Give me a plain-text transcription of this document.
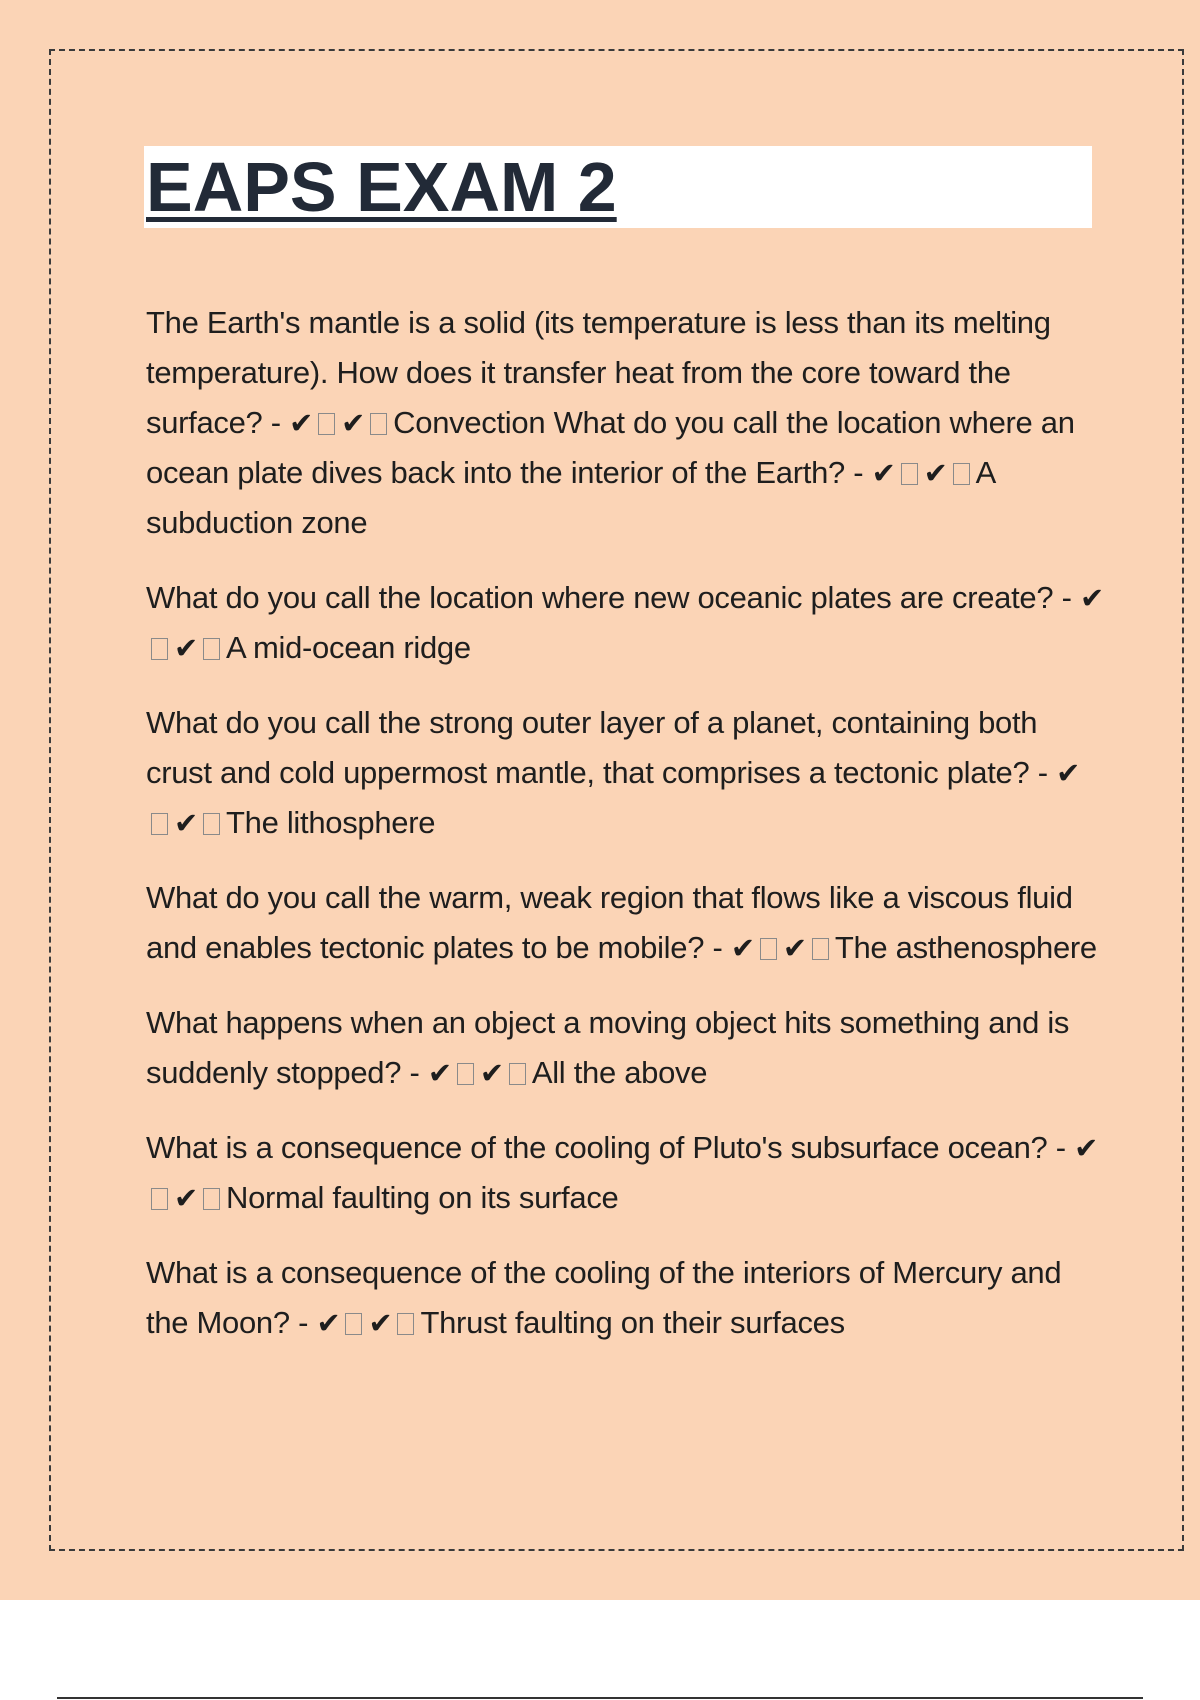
EAPS EXAM 2

The Earth's mantle is a solid (its temperature is less than its melting temperature). How does it transfer heat from the core toward the surface? - ✔ ✔ Convection What do you call the location where an ocean plate dives back into the interior of the Earth? - ✔ ✔ A subduction zone

What do you call the location where new oceanic plates are create? - ✔✔ A mid-ocean ridge

What do you call the strong outer layer of a planet, containing both crust and cold uppermost mantle, that comprises a tectonic plate? - ✔✔ The lithosphere

What do you call the warm, weak region that flows like a viscous fluid and enables tectonic plates to be mobile? - ✔ ✔ The asthenosphere

What happens when an object a moving object hits something and is suddenly stopped? - ✔ ✔ All the above

What is a consequence of the cooling of Pluto's subsurface ocean? - ✔✔ Normal faulting on its surface

What is a consequence of the cooling of the interiors of Mercury and the Moon? - ✔ ✔ Thrust faulting on their surfaces
